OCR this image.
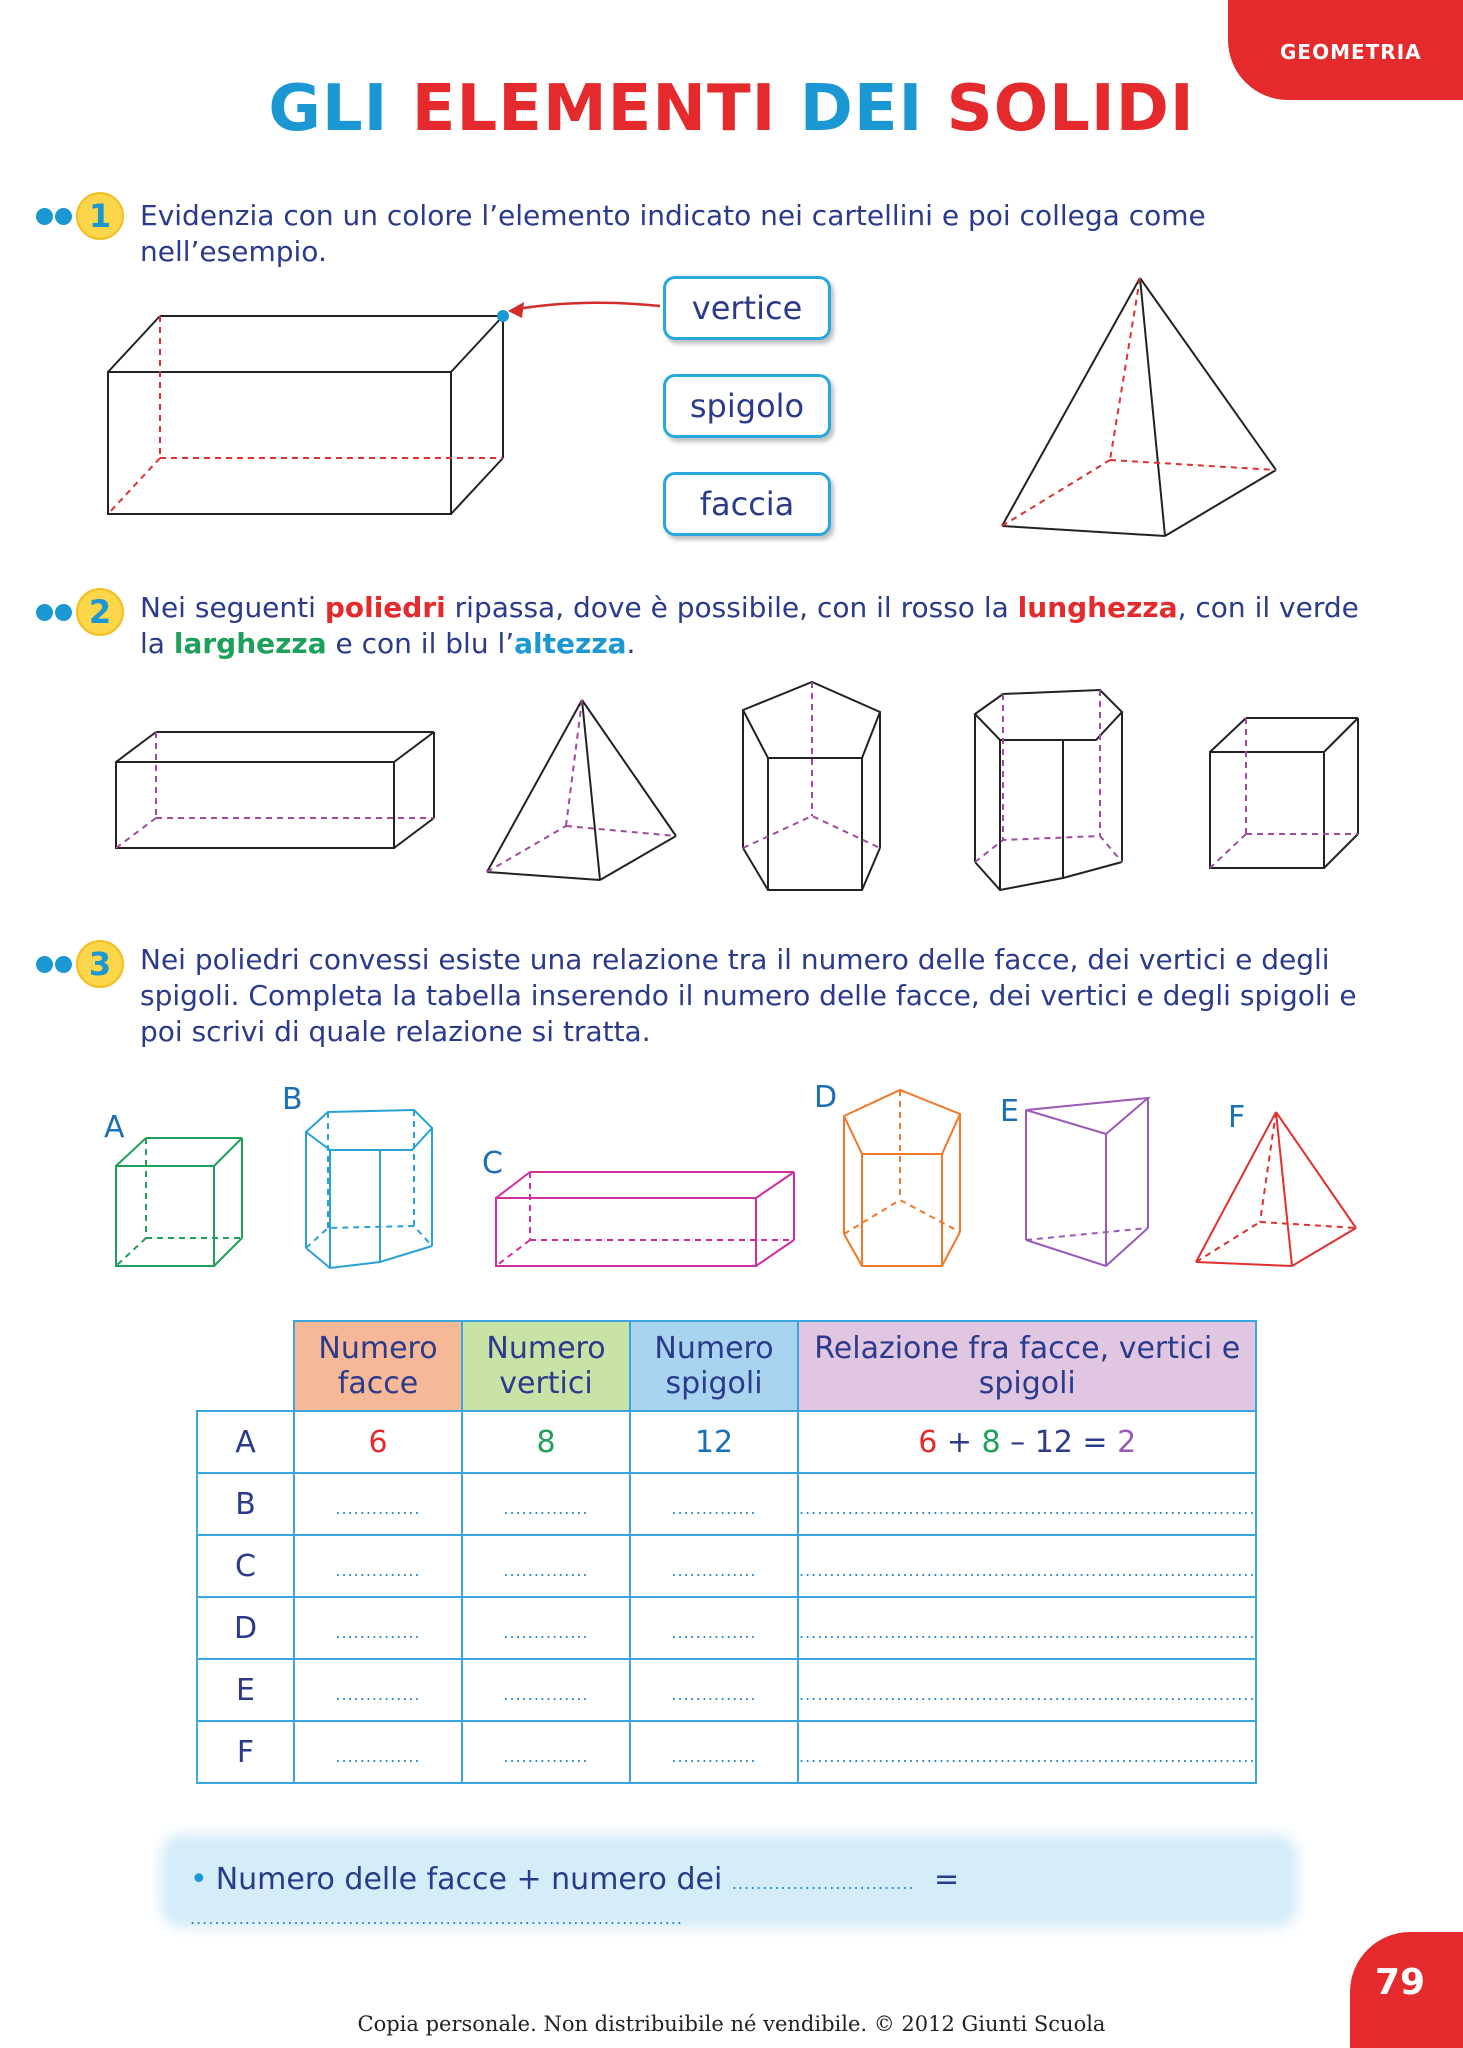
GEOMETRIA
GLI ELEMENTI DEI SOLIDI
1	Evidenzia con un colore l’elemento indicato nei cartellini e poi collega come nell’esempio.
vertice
spigolo
faccia
2	Nei seguenti poliedri ripassa, dove è possibile, con il rosso la lunghezza, con il verde la larghezza e con il blu l’altezza.
3	Nei poliedri convessi esiste una relazione tra il numero delle facce, dei vertici e degli spigoli. Completa la tabella inserendo il numero delle facce, dei vertici e degli spigoli e poi scrivi di quale relazione si tratta.
A
B
C
D	E	F
	Numero facce	Numero vertici	Numero spigoli	Relazione fra facce, vertici e spigoli
A	6	8	12	6 + 8 – 12 = 2
B	..............	..............	..............	...........................................................................
C	..............	..............	..............	...........................................................................
D	..............	..............	..............	...........................................................................
E	..............	..............	..............	...........................................................................
F	..............	..............	..............	...........................................................................
• Numero delle facce + numero dei .............................. = .................................................................................
Copia personale. Non distribuibile né vendibile. © 2012 Giunti Scuola
79
